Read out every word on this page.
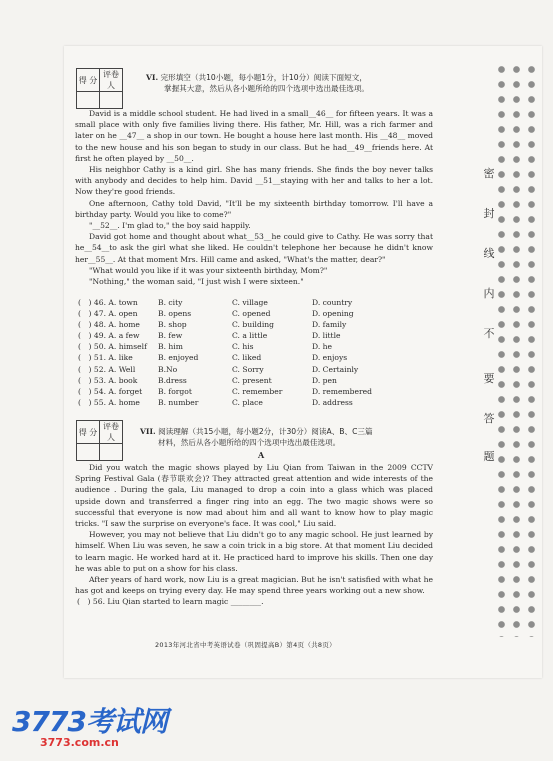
密
封
线
内
不
要
答
题
得 分	评卷人

VI. 完形填空（共10小题，每小题1分，计10分）阅读下面短文，
掌握其大意，然后从各小题所给的四个选项中选出最佳选项。

David is a middle school student. He had lived in a small__46__ for fifteen years. It was a small place with only five families living there. His father, Mr. Hill, was a rich farmer and later on he __47__ a shop in our town. He bought a house here last month. His __48__ moved to the new house and his son began to study in our class. But he had__49__friends here. At first he often played by __50__.

His neighbor Cathy is a kind girl. She has many friends. She finds the boy never talks with anybody and decides to help him. David __51__staying with her and talks to her a lot. Now they're good friends.

One afternoon, Cathy told David, "It'll be my sixteenth birthday tomorrow. I'll have a birthday party. Would you like to come?"

"__52__. I'm glad to," the boy said happily.

David got home and thought about what__53__he could give to Cathy. He was sorry that he__54__to ask the girl what she liked. He couldn't telephone her because he didn't know her__55__. At that moment Mrs. Hill came and asked, "What's the matter, dear?"

"What would you like if it was your sixteenth birthday, Mom?"

"Nothing," the woman said, "I just wish I were sixteen."

(　) 46. A. town	B. city	C. village	D. country
(　) 47. A. open	B. opens	C. opened	D. opening
(　) 48. A. home	B. shop	C. building	D. family
(　) 49. A. a few	B. few	C. a little	D. little
(　) 50. A. himself	B. him	C. his	D. he
(　) 51. A. like	B. enjoyed	C. liked	D. enjoys
(　) 52. A. Well	B.No	C. Sorry	D. Certainly
(　) 53. A. book	B.dress	C. present	D. pen
(　) 54. A. forget	B. forgot	C. remember	D. remembered
(　) 55. A. home	B. number	C. place	D. address
得 分	评卷人

VII. 阅读理解（共15小题，每小题2分，计30分）阅读A、B、C三篇
材料，然后从各小题所给的四个选项中选出最佳选项。
A

Did you watch the magic shows played by Liu Qian from Taiwan in the 2009 CCTV Spring Festival Gala (春节联欢会)? They attracted great attention and wide interests of the audience . During the gala, Liu managed to drop a coin into a glass which was placed upside down and transferred a finger ring into an egg. The two magic shows were so successful that everyone is now mad about him and all want to know how to play magic tricks. "I saw the surprise on everyone's face. It was cool," Liu said.

However, you may not believe that Liu didn't go to any magic school. He just learned by himself. When Liu was seven, he saw a coin trick in a big store. At that moment Liu decided to learn magic. He worked hard at it. He practiced hard to improve his skills. Then one day he was able to put on a show for his class.

After years of hard work, now Liu is a great magician. But he isn't satisfied with what he has got and keeps on trying every day. He may spend three years working out a new show.

(　) 56. Liu Qian started to learn magic ________.

2013年河北省中考英语试卷（巩固提高B）第4页（共8页）
3773考试网
3773.com.cn
